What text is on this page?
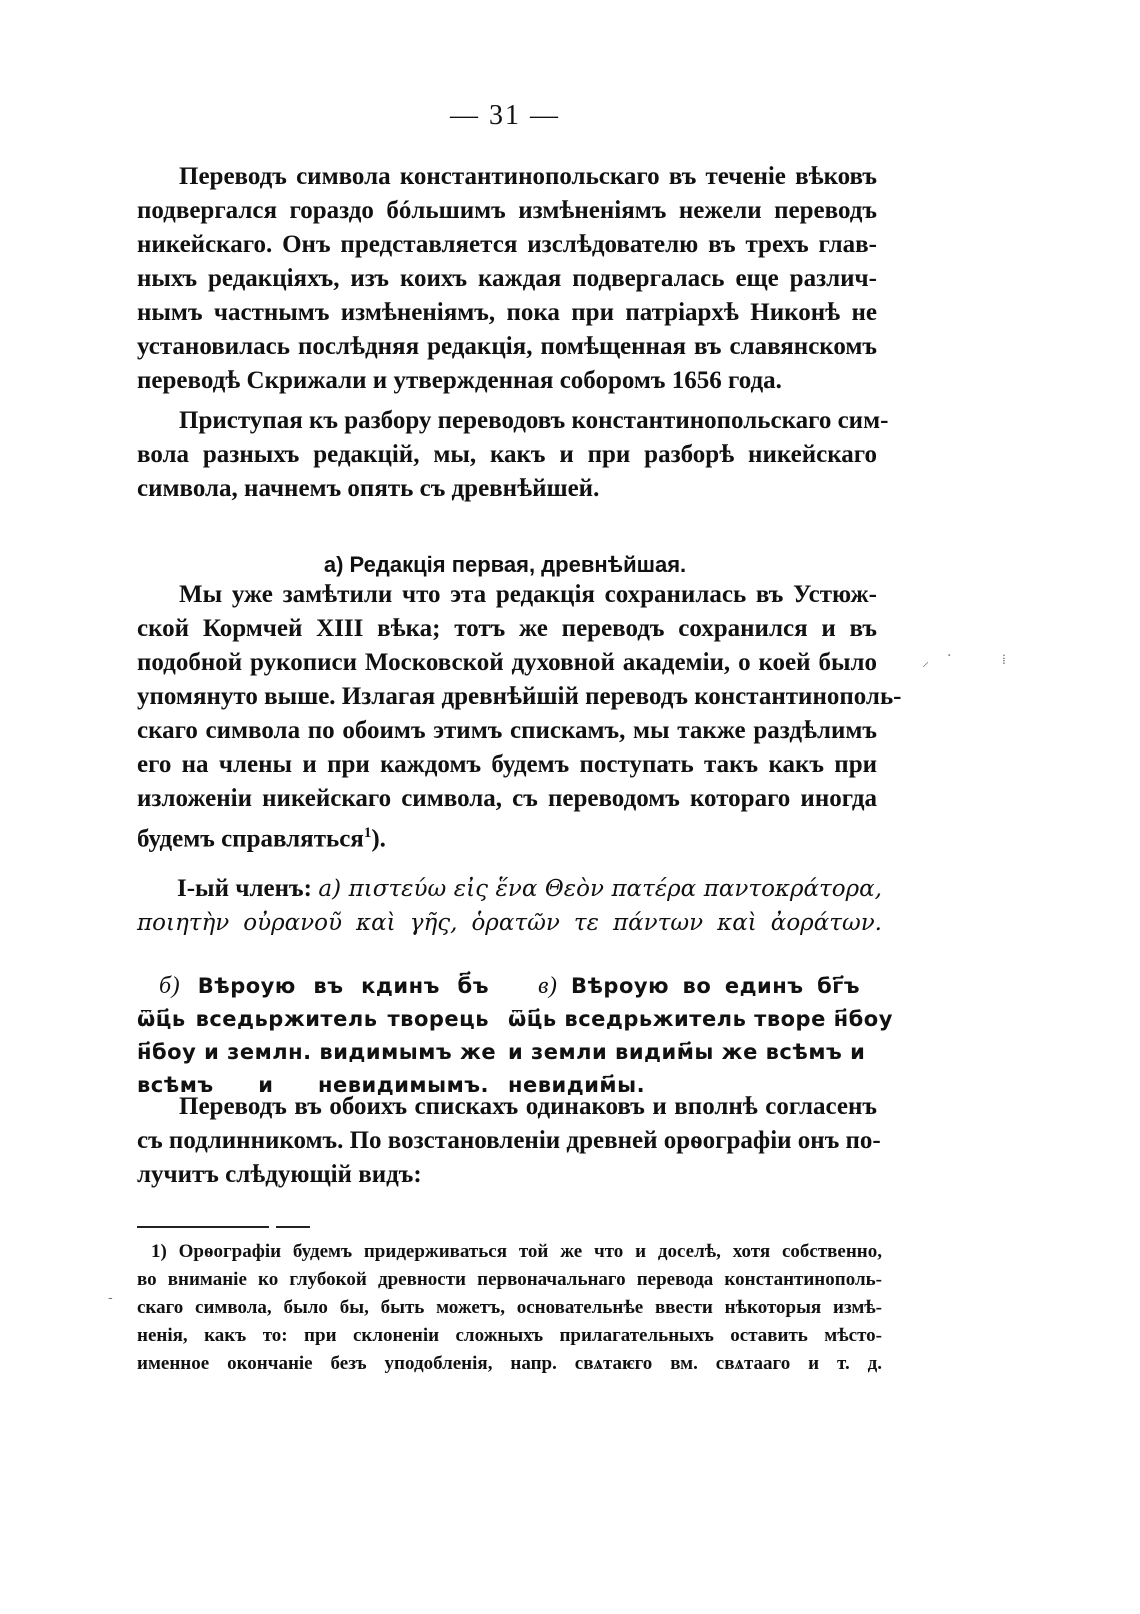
— 31 —
Переводъ символа константинопольскаго въ теченіе вѣковъ
подвергался гораздо бóльшимъ измѣненіямъ нежели переводъ
никейскаго. Онъ представляется изслѣдователю въ трехъ глав-
ныхъ редакціяхъ, изъ коихъ каждая подвергалась еще различ-
нымъ частнымъ измѣненіямъ, пока при патріархѣ Никонѣ не
установилась послѣдняя редакція, помѣщенная въ славянскомъ
переводѣ Скрижали и утвержденная соборомъ 1656 года.
Приступая къ разбору переводовъ константинопольскаго сим-
вола разныхъ редакцій, мы, какъ и при разборѣ никейскаго
символа, начнемъ опять съ древнѣйшей.
a) Редакція первая, древнѣйшая.
Мы уже замѣтили что эта редакція сохранилась въ Устюж-
ской Кормчей XIII вѣка; тотъ же переводъ сохранился и въ
подобной рукописи Московской духовной академіи, о коей было
упомянуто выше. Излагая древнѣйшій переводъ константинополь-
скаго символа по обоимъ этимъ спискамъ, мы также раздѣлимъ
его на члены и при каждомъ будемъ поступать такъ какъ при
изложеніи никейскаго символа, съ переводомъ котораго иногда
будемъ справляться$^1$).
I-ый членъ: a) πιστεύω εἰς ἕνα Θεὸν πατέρα παντοκράτορα,
ποιητὴν οὐρανοῦ καὶ γῆς, ὁρατῶν τε πάντων καὶ ἀοράτων.
б) Вѣроую въ кдинъ б҃ъ
ѿц҃ь вседьржитель творець
н҃боу и землн. видимымъ же
всѣмъ и невидимымъ.
в) Вѣроую во единъ бг҃ъ
ѿц҃ь вседрьжитель творе н҃боу
и земли видим҃ы же всѣмъ и
невидим҃ы.
Переводъ въ обоихъ спискахъ одинаковъ и вполнѣ согласенъ
съ подлинникомъ. По возстановленіи древней орѳографіи онъ по-
лучитъ слѣдующій видъ:
1) Орѳографіи будемъ придерживаться той же что и доселѣ, хотя собственно,
во вниманіе ко глубокой древности первоначальнаго перевода константинополь-
скаго символа, было бы, быть можетъ, основательнѣе ввести нѣкоторыя измѣ-
ненія, какъ то: при склоненіи сложныхъ прилагательныхъ оставить мѣсто-
именное окончаніе безъ уподобленія, напр. свѧтаѥго вм. свѧтааго и т. д.
⸍
·	⁞
-
